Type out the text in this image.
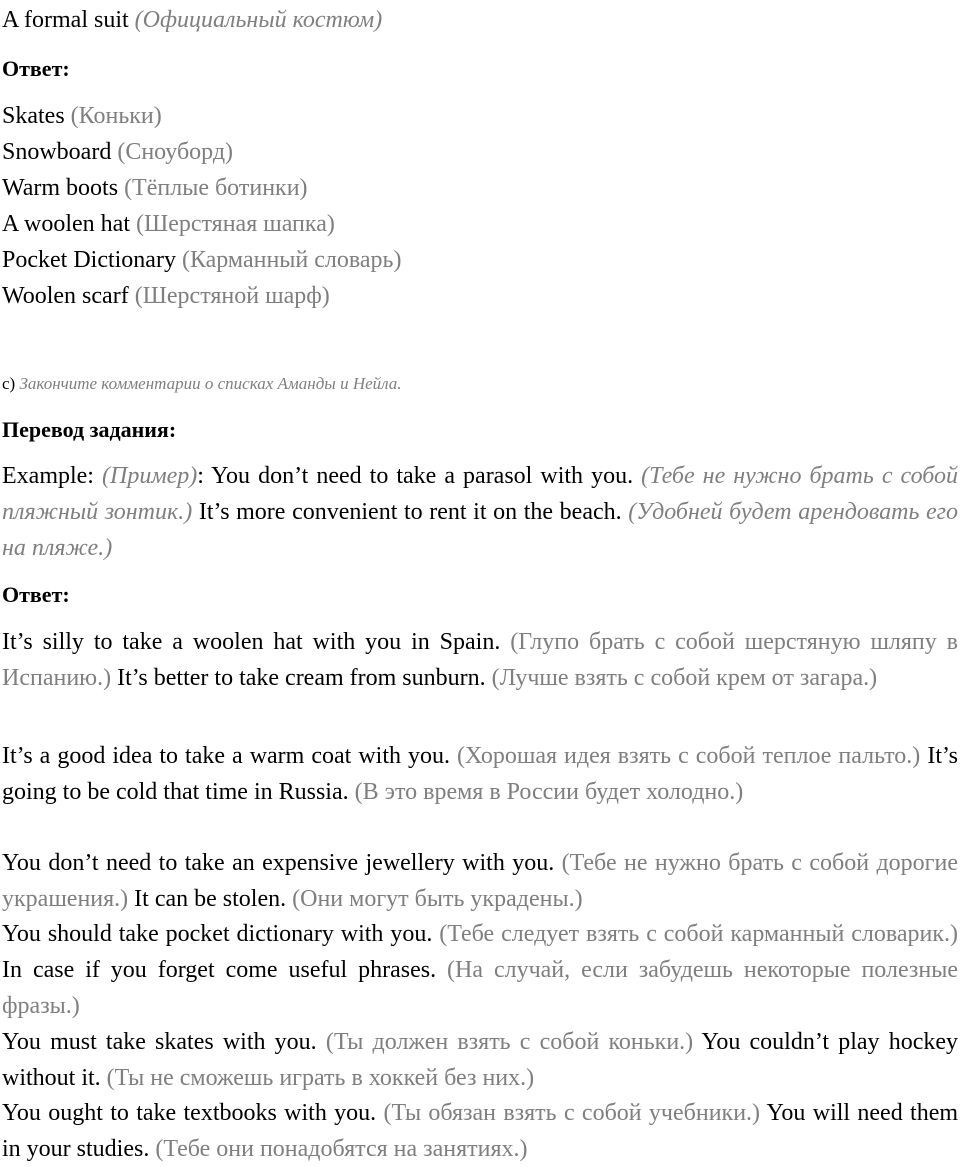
A formal suit (Официальный костюм)
Ответ:
Skates (Коньки)
Snowboard (Сноуборд)
Warm boots (Тёплые ботинки)
A woolen hat (Шерстяная шапка)
Pocket Dictionary (Карманный словарь)
Woolen scarf (Шерстяной шарф)
c) Закончите комментарии о списках Аманды и Нейла.
Перевод задания:
Example: (Пример): You don’t need to take a parasol with you. (Тебе не нужно брать с собой пляжный зонтик.) It’s more convenient to rent it on the beach. (Удобней будет арендовать его на пляже.)
Ответ:
It’s silly to take a woolen hat with you in Spain. (Глупо брать с собой шерстяную шляпу в Испанию.) It’s better to take cream from sunburn. (Лучше взять с собой крем от загара.)
It’s a good idea to take a warm coat with you. (Хорошая идея взять с собой теплое пальто.) It’s going to be cold that time in Russia. (В это время в России будет холодно.)
You don’t need to take an expensive jewellery with you. (Тебе не нужно брать с собой дорогие украшения.) It can be stolen. (Они могут быть украдены.)
You should take pocket dictionary with you. (Тебе следует взять с собой карманный словарик.) In case if you forget come useful phrases. (На случай, если забудешь некоторые полезные фразы.)
You must take skates with you. (Ты должен взять с собой коньки.) You couldn’t play hockey without it. (Ты не сможешь играть в хоккей без них.)
You ought to take textbooks with you. (Ты обязан взять с собой учебники.) You will need them in your studies. (Тебе они понадобятся на занятиях.)
